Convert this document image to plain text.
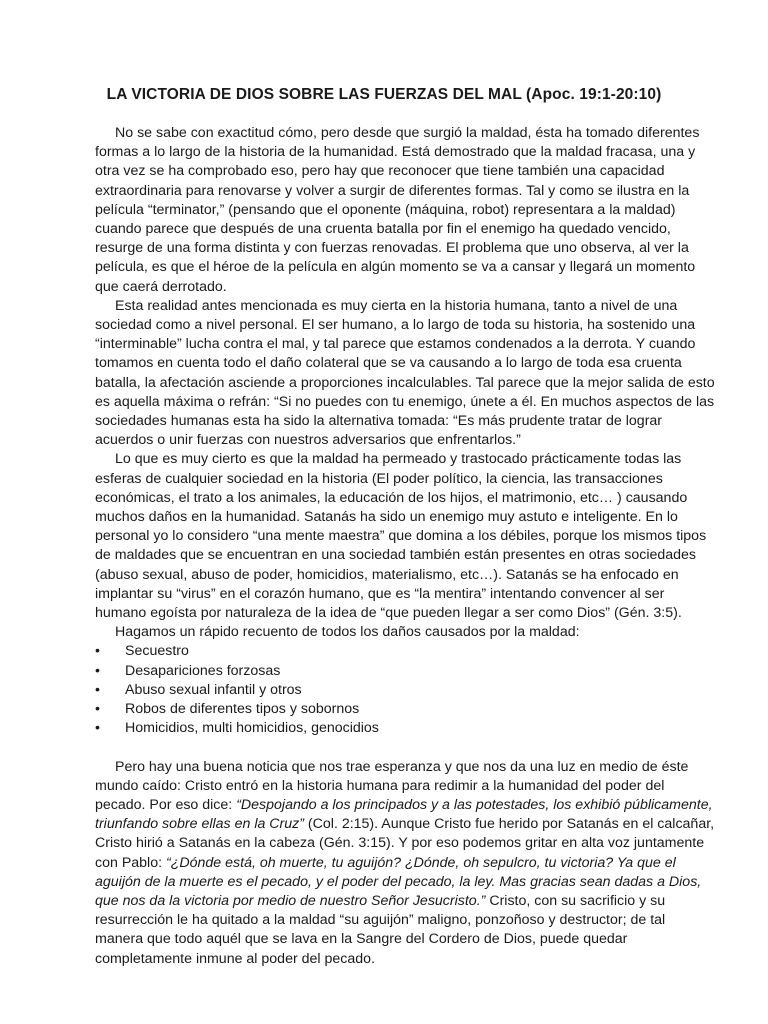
LA VICTORIA DE DIOS SOBRE LAS FUERZAS DEL MAL (Apoc. 19:1-20:10)

No se sabe con exactitud cómo, pero desde que surgió la maldad, ésta ha tomado diferentes formas a lo largo de la historia de la humanidad. Está demostrado que la maldad fracasa, una y otra vez se ha comprobado eso, pero hay que reconocer que tiene también una capacidad extraordinaria para renovarse y volver a surgir de diferentes formas. Tal y como se ilustra en la película “terminator,” (pensando que el oponente (máquina, robot) representara a la maldad) cuando parece que después de una cruenta batalla por fin el enemigo ha quedado vencido, resurge de una forma distinta y con fuerzas renovadas. El problema que uno observa, al ver la película, es que el héroe de la película en algún momento se va a cansar y llegará un momento que caerá derrotado.

Esta realidad antes mencionada es muy cierta en la historia humana, tanto a nivel de una sociedad como a nivel personal. El ser humano, a lo largo de toda su historia, ha sostenido una “interminable” lucha contra el mal, y tal parece que estamos condenados a la derrota. Y cuando tomamos en cuenta todo el daño colateral que se va causando a lo largo de toda esa cruenta batalla, la afectación asciende a proporciones incalculables. Tal parece que la mejor salida de esto es aquella máxima o refrán: “Si no puedes con tu enemigo, únete a él. En muchos aspectos de las sociedades humanas esta ha sido la alternativa tomada: “Es más prudente tratar de lograr acuerdos o unir fuerzas con nuestros adversarios que enfrentarlos.”

Lo que es muy cierto es que la maldad ha permeado y trastocado prácticamente todas las esferas de cualquier sociedad en la historia (El poder político, la ciencia, las transacciones económicas, el trato a los animales, la educación de los hijos, el matrimonio, etc… ) causando muchos daños en la humanidad. Satanás ha sido un enemigo muy astuto e inteligente. En lo personal yo lo considero “una mente maestra” que domina a los débiles, porque los mismos tipos de maldades que se encuentran en una sociedad también están presentes en otras sociedades (abuso sexual, abuso de poder, homicidios, materialismo, etc…). Satanás se ha enfocado en implantar su “virus” en el corazón humano, que es “la mentira” intentando convencer al ser humano egoísta por naturaleza de la idea de “que pueden llegar a ser como Dios” (Gén. 3:5).

Hagamos un rápido recuento de todos los daños causados por la maldad:

• Secuestro
• Desapariciones forzosas
• Abuso sexual infantil y otros
• Robos de diferentes tipos y sobornos
• Homicidios, multi homicidios, genocidios

Pero hay una buena noticia que nos trae esperanza y que nos da una luz en medio de éste mundo caído: Cristo entró en la historia humana para redimir a la humanidad del poder del pecado. Por eso dice: “Despojando a los principados y a las potestades, los exhibió públicamente, triunfando sobre ellas en la Cruz” (Col. 2:15). Aunque Cristo fue herido por Satanás en el calcañar, Cristo hirió a Satanás en la cabeza (Gén. 3:15). Y por eso podemos gritar en alta voz juntamente con Pablo: “¿Dónde está, oh muerte, tu aguijón? ¿Dónde, oh sepulcro, tu victoria? Ya que el aguijón de la muerte es el pecado, y el poder del pecado, la ley. Mas gracias sean dadas a Dios, que nos da la victoria por medio de nuestro Señor Jesucristo.” Cristo, con su sacrificio y su resurrección le ha quitado a la maldad “su aguijón” maligno, ponzoñoso y destructor; de tal manera que todo aquél que se lava en la Sangre del Cordero de Dios, puede quedar completamente inmune al poder del pecado.
